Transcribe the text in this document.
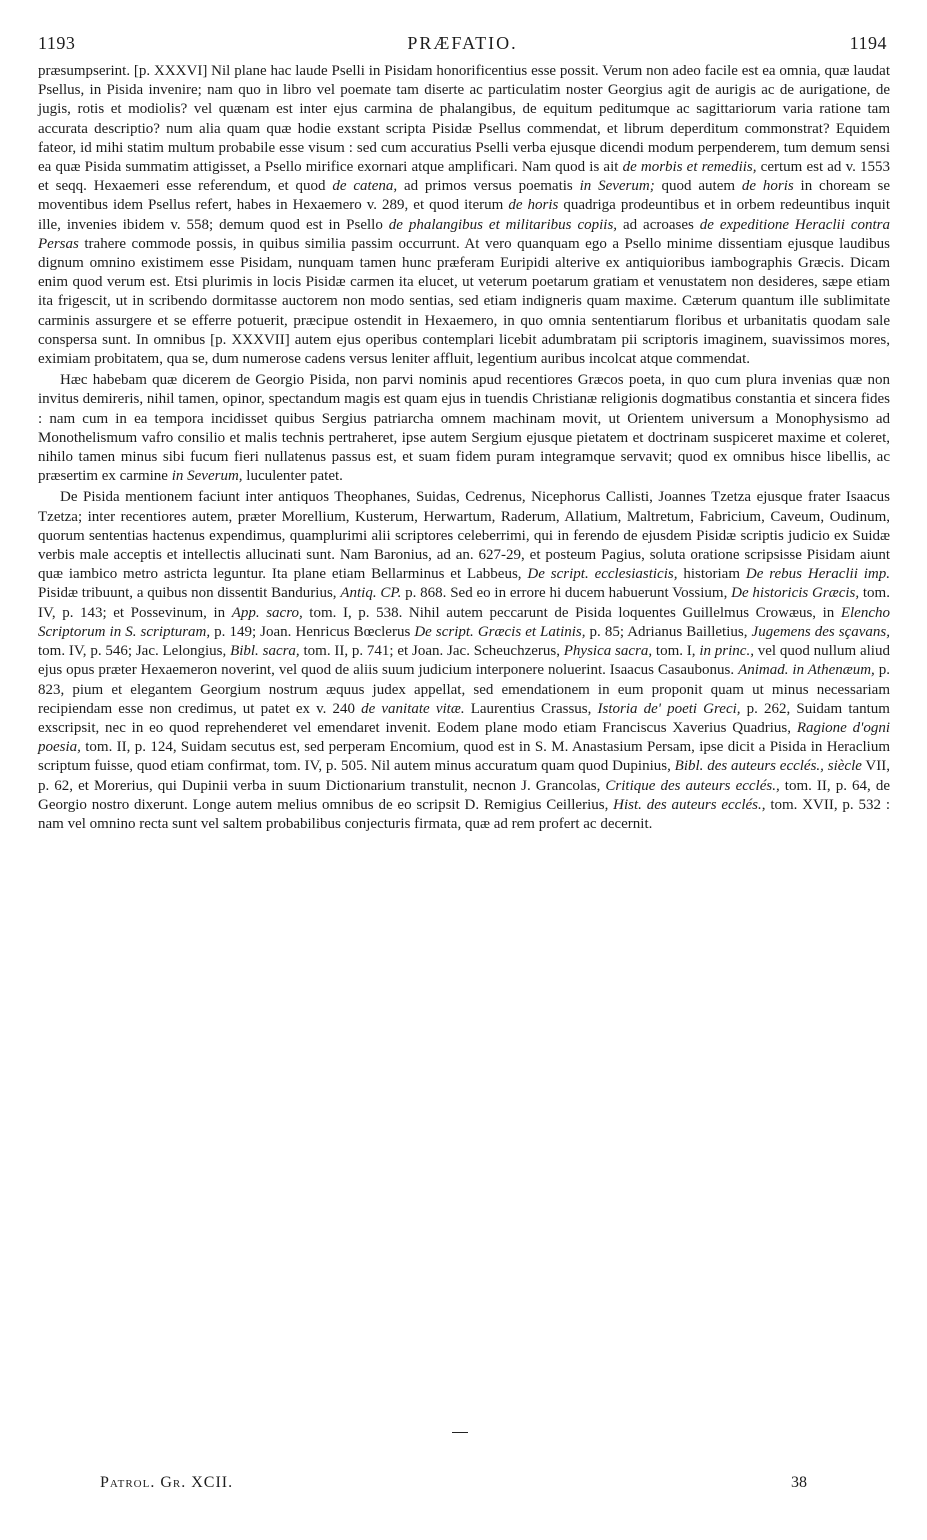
1193	PRÆFATIO.	1194

præsumpserint. [p. XXXVI] Nil plane hac laude Pselli in Pisidam honorificentius esse possit. Verum non adeo facile est ea omnia, quæ laudat Psellus, in Pisida invenire; nam quo in libro vel poemate tam diserte ac particulatim noster Georgius agit de aurigis ac de aurigatione, de jugis, rotis et modiolis? vel quænam est inter ejus carmina de phalangibus, de equitum peditumque ac sagittariorum varia ratione tam accurata descriptio? num alia quam quæ hodie exstant scripta Pisidæ Psellus commendat, et librum deperditum commonstrat? Equidem fateor, id mihi statim multum probabile esse visum : sed cum accuratius Pselli verba ejusque dicendi modum perpenderem, tum demum sensi ea quæ Pisida summatim attigisset, a Psello mirifice exornari atque amplificari. Nam quod is ait de morbis et remediis, certum est ad v. 1553 et seqq. Hexaemeri esse referendum, et quod de catena, ad primos versus poematis in Severum; quod autem de horis in choream se moventibus idem Psellus refert, habes in Hexaemero v. 289, et quod iterum de horis quadriga prodeuntibus et in orbem redeuntibus inquit ille, invenies ibidem v. 558; demum quod est in Psello de phalangibus et militaribus copiis, ad acroases de expeditione Heraclii contra Persas trahere commode possis, in quibus similia passim occurrunt. At vero quanquam ego a Psello minime dissentiam ejusque laudibus dignum omnino existimem esse Pisidam, nunquam tamen hunc præferam Euripidi alterive ex antiquioribus iambographis Græcis. Dicam enim quod verum est. Etsi plurimis in locis Pisidæ carmen ita elucet, ut veterum poetarum gratiam et venustatem non desideres, sæpe etiam ita frigescit, ut in scribendo dormitasse auctorem non modo sentias, sed etiam indigneris quam maxime. Cæterum quantum ille sublimitate carminis assurgere et se efferre potuerit, præcipue ostendit in Hexaemero, in quo omnia sententiarum floribus et urbanitatis quodam sale conspersa sunt. In omnibus [p. XXXVII] autem ejus operibus contemplari licebit adumbratam pii scriptoris imaginem, suavissimos mores, eximiam probitatem, qua se, dum numerose cadens versus leniter affluit, legentium auribus incolcat atque commendat.

Hæc habebam quæ dicerem de Georgio Pisida, non parvi nominis apud recentiores Græcos poeta, in quo cum plura invenias quæ non invitus demireris, nihil tamen, opinor, spectandum magis est quam ejus in tuendis Christianæ religionis dogmatibus constantia et sincera fides : nam cum in ea tempora incidisset quibus Sergius patriarcha omnem machinam movit, ut Orientem universum a Monophysismo ad Monothelismum vafro consilio et malis technis pertraheret, ipse autem Sergium ejusque pietatem et doctrinam suspiceret maxime et coleret, nihilo tamen minus sibi fucum fieri nullatenus passus est, et suam fidem puram integramque servavit; quod ex omnibus hisce libellis, ac præsertim ex carmine in Severum, luculenter patet.

De Pisida mentionem faciunt inter antiquos Theophanes, Suidas, Cedrenus, Nicephorus Callisti, Joannes Tzetza ejusque frater Isaacus Tzetza; inter recentiores autem, præter Morellium, Kusterum, Herwartum, Raderum, Allatium, Maltretum, Fabricium, Caveum, Oudinum, quorum sententias hactenus expendimus, quamplurimi alii scriptores celeberrimi, qui in ferendo de ejusdem Pisidæ scriptis judicio ex Suidæ verbis male acceptis et intellectis allucinati sunt. Nam Baronius, ad an. 627-29, et posteum Pagius, soluta oratione scripsisse Pisidam aiunt quæ iambico metro astricta leguntur. Ita plane etiam Bellarminus et Labbeus, De script. ecclesiasticis, historiam De rebus Heraclii imp. Pisidæ tribuunt, a quibus non dissentit Bandurius, Antiq. CP. p. 868. Sed eo in errore hi ducem habuerunt Vossium, De historicis Græcis, tom. IV, p. 143; et Possevinum, in App. sacro, tom. I, p. 538. Nihil autem peccarunt de Pisida loquentes Guillelmus Crowæus, in Elencho Scriptorum in S. scripturam, p. 149; Joan. Henricus Bœclerus De script. Græcis et Latinis, p. 85; Adrianus Bailletius, Jugemens des sçavans, tom. IV, p. 546; Jac. Lelongius, Bibl. sacra, tom. II, p. 741; et Joan. Jac. Scheuchzerus, Physica sacra, tom. I, in princ., vel quod nullum aliud ejus opus præter Hexaemeron noverint, vel quod de aliis suum judicium interponere noluerint. Isaacus Casaubonus. Animad. in Athenæum, p. 823, pium et elegantem Georgium nostrum æquus judex appellat, sed emendationem in eum proponit quam ut minus necessariam recipiendam esse non credimus, ut patet ex v. 240 de vanitate vitæ. Laurentius Crassus, Istoria de' poeti Greci, p. 262, Suidam tantum exscripsit, nec in eo quod reprehenderet vel emendaret invenit. Eodem plane modo etiam Franciscus Xaverius Quadrius, Ragione d'ogni poesia, tom. II, p. 124, Suidam secutus est, sed perperam Encomium, quod est in S. M. Anastasium Persam, ipse dicit a Pisida in Heraclium scriptum fuisse, quod etiam confirmat, tom. IV, p. 505. Nil autem minus accuratum quam quod Dupinius, Bibl. des auteurs ecclés., siècle VII, p. 62, et Morerius, qui Dupinii verba in suum Dictionarium transtulit, necnon J. Grancolas, Critique des auteurs ecclés., tom. II, p. 64, de Georgio nostro dixerunt. Longe autem melius omnibus de eo scripsit D. Remigius Ceillerius, Hist. des auteurs ecclés., tom. XVII, p. 532 : nam vel omnino recta sunt vel saltem probabilibus conjecturis firmata, quæ ad rem profert ac decernit.

Patrol. Gr. XCII.	38
